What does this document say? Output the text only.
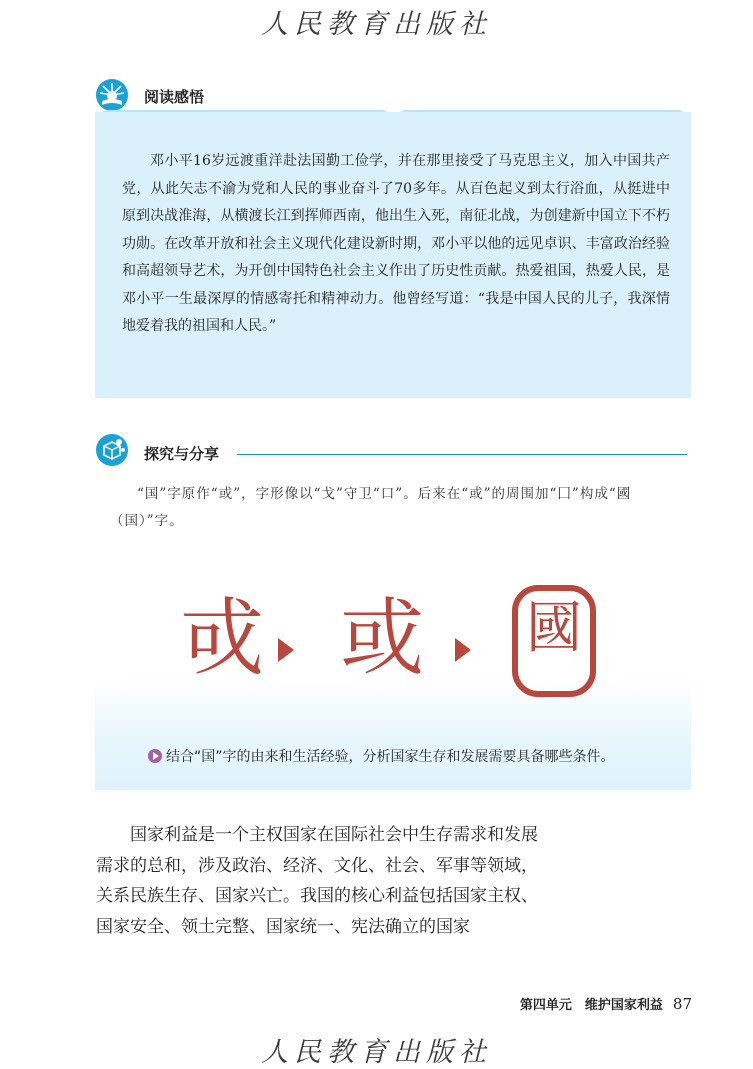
人民教育出版社
阅读感悟

邓小平16岁远渡重洋赴法国勤工俭学，并在那里接受了马克思主义，加入中国共产党，从此矢志不渝为党和人民的事业奋斗了70多年。从百色起义到太行浴血，从挺进中原到决战淮海，从横渡长江到挥师西南，他出生入死，南征北战，为创建新中国立下不朽功勋。在改革开放和社会主义现代化建设新时期，邓小平以他的远见卓识、丰富政治经验和高超领导艺术，为开创中国特色社会主义作出了历史性贡献。热爱祖国，热爱人民，是邓小平一生最深厚的情感寄托和精神动力。他曾经写道：“我是中国人民的儿子，我深情地爱着我的祖国和人民。”

探究与分享

“国”字原作“或”，字形像以“戈”守卫“口”。后来在“或”的周围加“囗”构成“國（国）”字。

戓 或 國
结合“国”字的由来和生活经验，分析国家生存和发展需要具备哪些条件。

国家利益是一个主权国家在国际社会中生存需求和发展需求的总和，涉及政治、经济、文化、社会、军事等领域，关系民族生存、国家兴亡。我国的核心利益包括国家主权、国家安全、领土完整、国家统一、宪法确立的国家

第四单元　维护国家利益 87
人民教育出版社
